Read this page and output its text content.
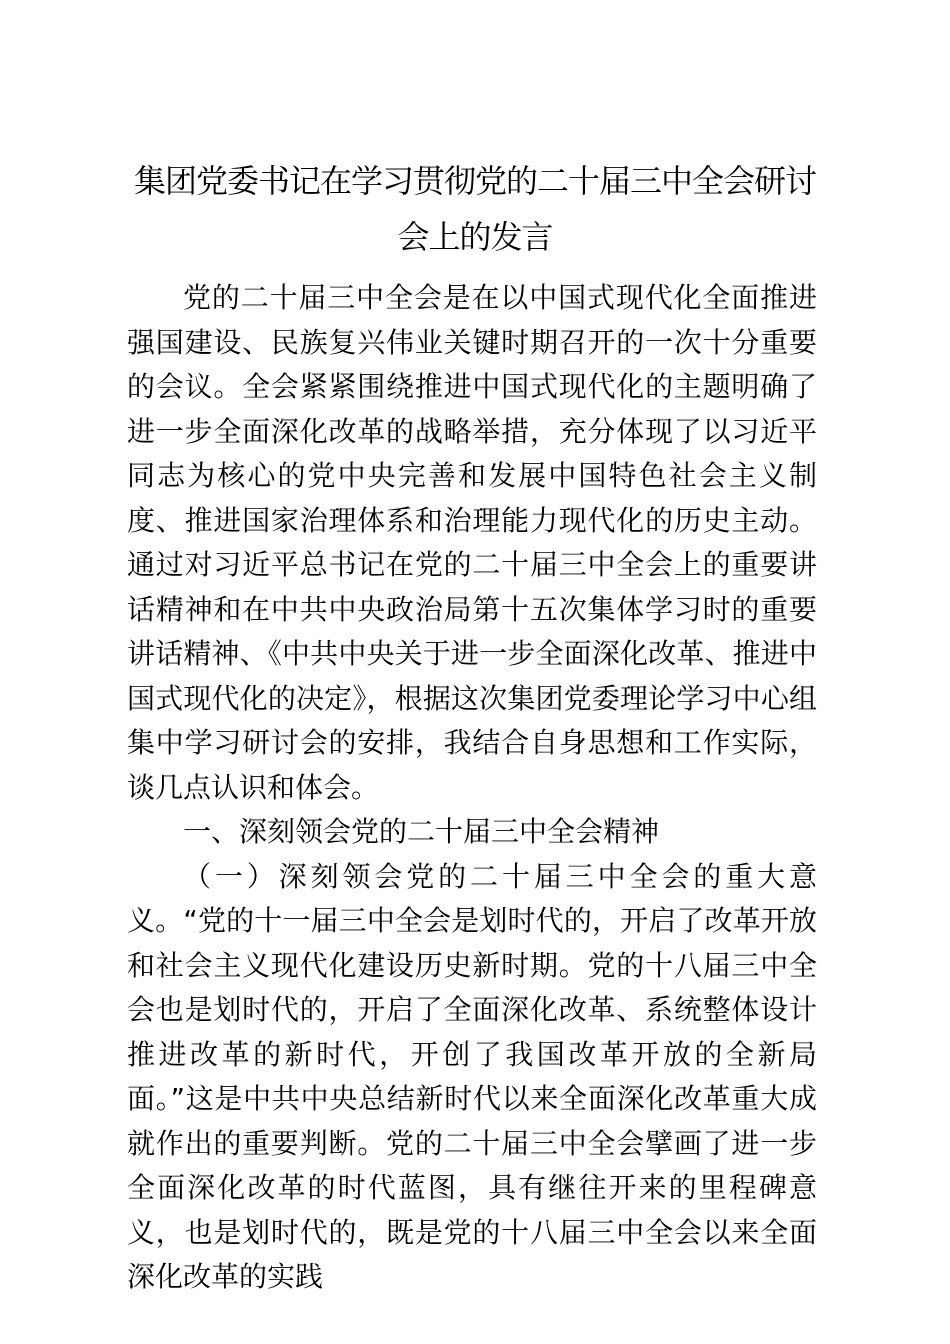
集团党委书记在学习贯彻党的二十届三中全会研讨会上的发言

党的二十届三中全会是在以中国式现代化全面推进强国建设、民族复兴伟业关键时期召开的一次十分重要的会议。全会紧紧围绕推进中国式现代化的主题明确了进一步全面深化改革的战略举措，充分体现了以习近平同志为核心的党中央完善和发展中国特色社会主义制度、推进国家治理体系和治理能力现代化的历史主动。通过对习近平总书记在党的二十届三中全会上的重要讲话精神和在中共中央政治局第十五次集体学习时的重要讲话精神、《中共中央关于进一步全面深化改革、推进中国式现代化的决定》，根据这次集团党委理论学习中心组集中学习研讨会的安排，我结合自身思想和工作实际，谈几点认识和体会。

一、深刻领会党的二十届三中全会精神

（一）深刻领会党的二十届三中全会的重大意义。“党的十一届三中全会是划时代的，开启了改革开放和社会主义现代化建设历史新时期。党的十八届三中全会也是划时代的，开启了全面深化改革、系统整体设计推进改革的新时代，开创了我国改革开放的全新局面。”这是中共中央总结新时代以来全面深化改革重大成就作出的重要判断。党的二十届三中全会擘画了进一步全面深化改革的时代蓝图，具有继往开来的里程碑意义，也是划时代的，既是党的十八届三中全会以来全面深化改革的实践
